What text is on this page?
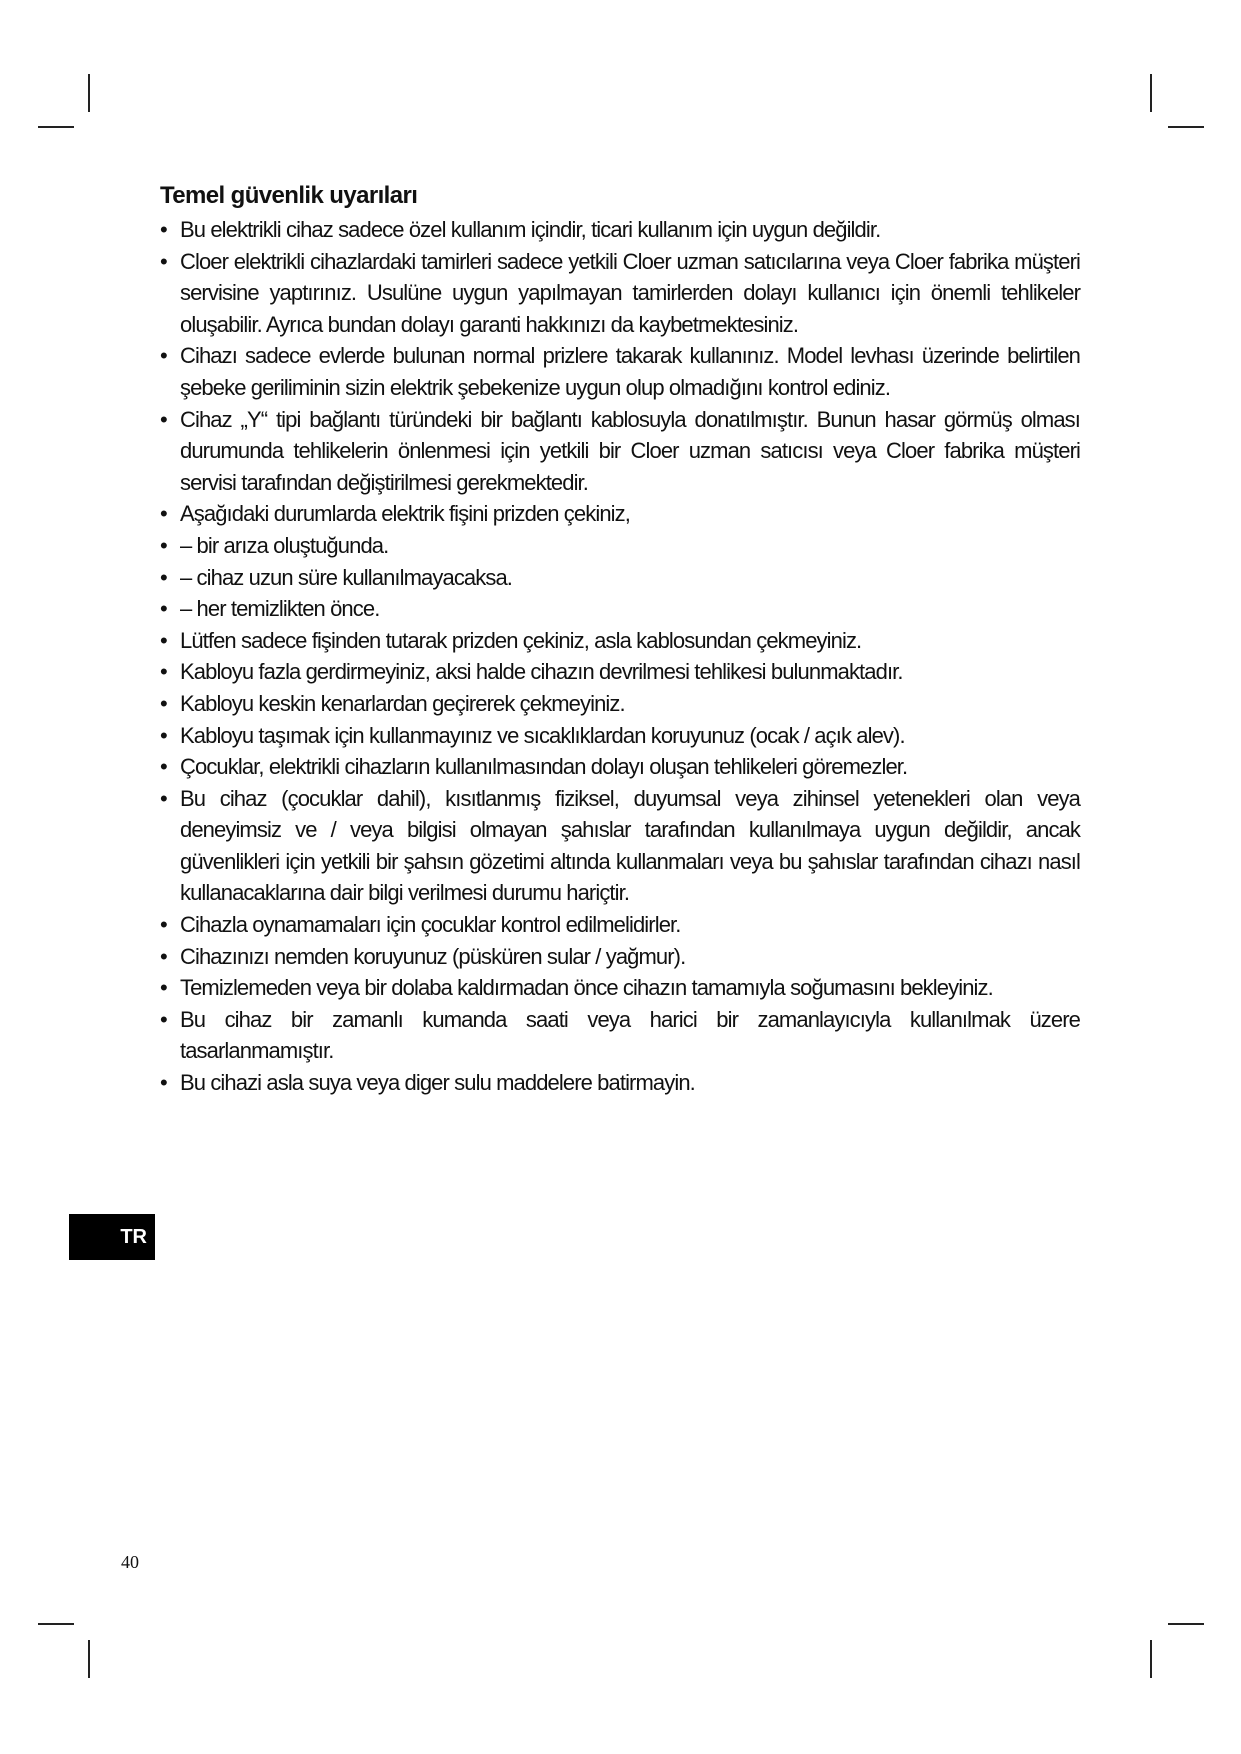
Temel güvenlik uyarıları
• Bu elektrikli cihaz sadece özel kullanım içindir, ticari kullanım için uygun değildir.
• Cloer elektrikli cihazlardaki tamirleri sadece yetkili Cloer uzman satıcılarına veya Cloer fabrika müşteri servisine yaptırınız. Usulüne uygun yapılmayan tamirlerden dolayı kullanıcı için önemli tehlikeler oluşabilir. Ayrıca bundan dolayı garanti hakkınızı da kaybetmektesiniz.
• Cihazı sadece evlerde bulunan normal prizlere takarak kullanınız. Model levhası üzerinde belirtilen şebeke geriliminin sizin elektrik şebekenize uygun olup olmadığını kontrol ediniz.
• Cihaz „Y“ tipi bağlantı türündeki bir bağlantı kablosuyla donatılmıştır. Bunun hasar görmüş olması durumunda tehlikelerin önlenmesi için yetkili bir Cloer uzman satıcısı veya Cloer fabrika müşteri servisi tarafından değiştirilmesi gerekmektedir.
• Aşağıdaki durumlarda elektrik fişini prizden çekiniz,
• – bir arıza oluştuğunda.
• – cihaz uzun süre kullanılmayacaksa.
• – her temizlikten önce.
• Lütfen sadece fişinden tutarak prizden çekiniz, asla kablosundan çekmeyiniz.
• Kabloyu fazla gerdirmeyiniz, aksi halde cihazın devrilmesi tehlikesi bulunmaktadır.
• Kabloyu keskin kenarlardan geçirerek çekmeyiniz.
• Kabloyu taşımak için kullanmayınız ve sıcaklıklardan koruyunuz (ocak / açık alev).
• Çocuklar, elektrikli cihazların kullanılmasından dolayı oluşan tehlikeleri göremezler.
• Bu cihaz (çocuklar dahil), kısıtlanmış fiziksel, duyumsal veya zihinsel yetenekleri olan veya deneyimsiz ve / veya bilgisi olmayan şahıslar tarafından kullanılmaya uygun değildir, ancak güvenlikleri için yetkili bir şahsın gözetimi altında kullanmaları veya bu şahıslar tarafından cihazı nasıl kullanacaklarına dair bilgi verilmesi durumu hariçtir.
• Cihazla oynamamaları için çocuklar kontrol edilmelidirler.
• Cihazınızı nemden koruyunuz (püsküren sular / yağmur).
• Temizlemeden veya bir dolaba kaldırmadan önce cihazın tamamıyla soğumasını bekleyiniz.
• Bu cihaz bir zamanlı kumanda saati veya harici bir zamanlayıcıyla kullanılmak üzere tasarlanmamıştır.
• Bu cihazi asla suya veya diger sulu maddelere batirmayin.
TR
40
